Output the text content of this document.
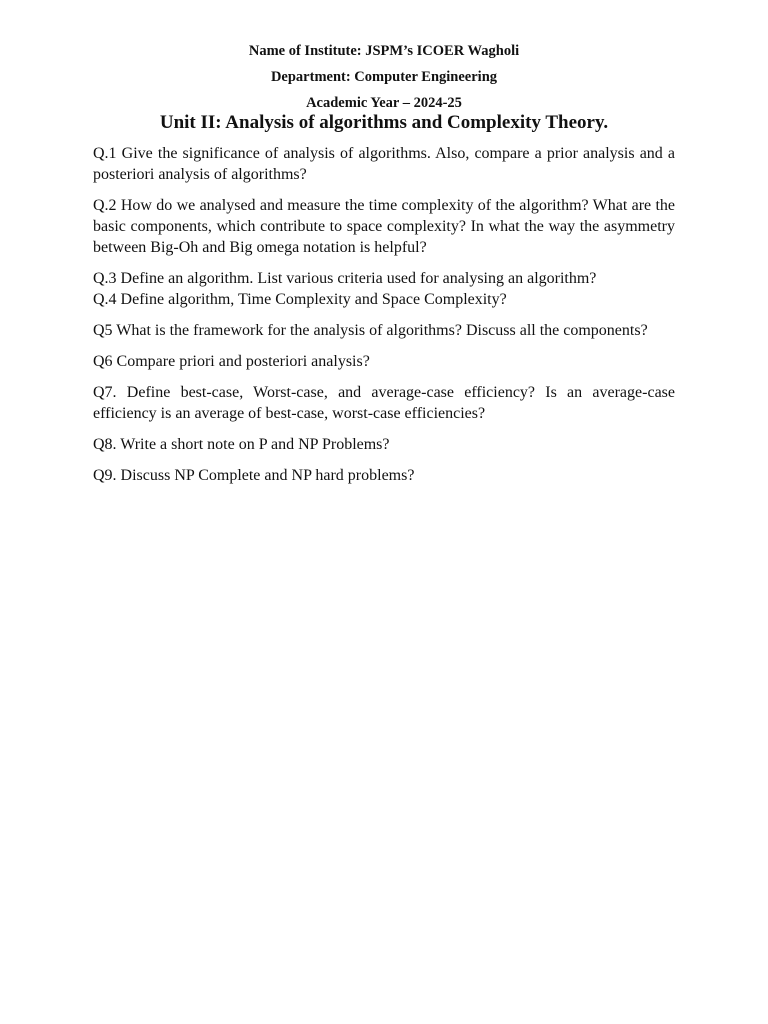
Name of Institute: JSPM’s ICOER Wagholi
Department: Computer Engineering
Academic Year – 2024-25
Unit II: Analysis of algorithms and Complexity Theory.

Q.1 Give the significance of analysis of algorithms. Also, compare a prior analysis and a posteriori analysis of algorithms?

Q.2 How do we analysed and measure the time complexity of the algorithm? What are the basic components, which contribute to space complexity? In what the way the asymmetry between Big-Oh and Big omega notation is helpful?

Q.3 Define an algorithm. List various criteria used for analysing an algorithm?

Q.4 Define algorithm, Time Complexity and Space Complexity?

Q5 What is the framework for the analysis of algorithms? Discuss all the components?

Q6 Compare priori and posteriori analysis?

Q7. Define best-case, Worst-case, and average-case efficiency? Is an average-case efficiency is an average of best-case, worst-case efficiencies?

Q8. Write a short note on P and NP Problems?

Q9. Discuss NP Complete and NP hard problems?
